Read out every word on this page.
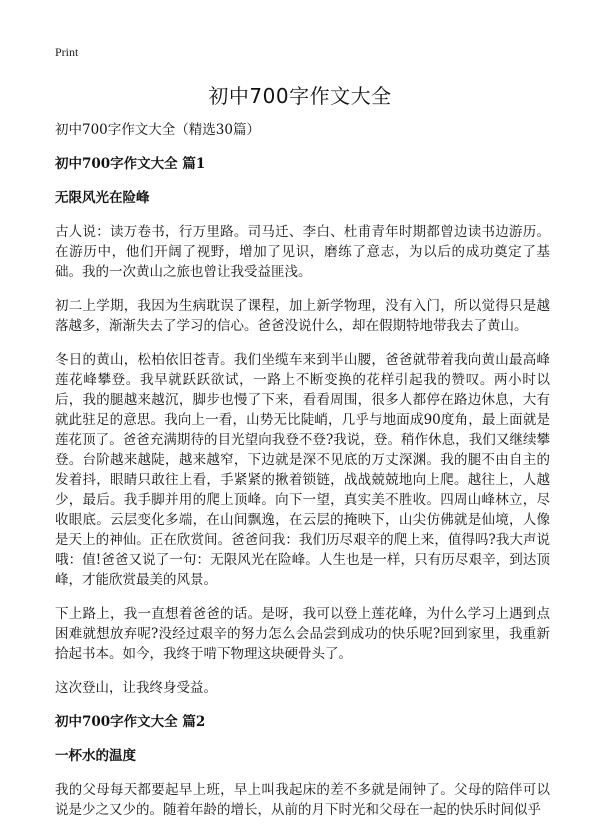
Print
初中700字作文大全

初中700字作文大全（精选30篇）

初中700字作文大全 篇1

无限风光在险峰

古人说：读万卷书，行万里路。司马迁、李白、杜甫青年时期都曾边读书边游历。在游历中，他们开阔了视野，增加了见识，磨练了意志，为以后的成功奠定了基础。我的一次黄山之旅也曾让我受益匪浅。

初二上学期，我因为生病耽误了课程，加上新学物理，没有入门，所以觉得只是越落越多，渐渐失去了学习的信心。爸爸没说什么，却在假期特地带我去了黄山。

冬日的黄山，松柏依旧苍青。我们坐缆车来到半山腰，爸爸就带着我向黄山最高峰莲花峰攀登。我早就跃跃欲试，一路上不断变换的花样引起我的赞叹。两小时以后，我的腿越来越沉，脚步也慢了下来，看看周围，很多人都停在路边休息，大有就此驻足的意思。我向上一看，山势无比陡峭，几乎与地面成90度角，最上面就是莲花顶了。爸爸充满期待的目光望向我登不登?我说，登。稍作休息，我们又继续攀登。台阶越来越陡，越来越窄，下边就是深不见底的万丈深渊。我的腿不由自主的发着抖，眼睛只敢往上看，手紧紧的揪着锁链，战战兢兢地向上爬。越往上，人越少，最后。我手脚并用的爬上顶峰。向下一望，真实美不胜收。四周山峰林立，尽收眼底。云层变化多端，在山间飘逸，在云层的掩映下，山尖仿佛就是仙境，人像是天上的神仙。正在欣赏间。爸爸问我：我们历尽艰辛的爬上来，值得吗?我大声说哦：值!爸爸又说了一句：无限风光在险峰。人生也是一样，只有历尽艰辛，到达顶峰，才能欣赏最美的风景。

下上路上，我一直想着爸爸的话。是呀，我可以登上莲花峰，为什么学习上遇到点困难就想放弃呢?没经过艰辛的努力怎么会品尝到成功的快乐呢?回到家里，我重新拾起书本。如今，我终于啃下物理这块硬骨头了。

这次登山，让我终身受益。

初中700字作文大全 篇2

一杯水的温度

我的父母每天都要起早上班，早上叫我起床的差不多就是闹钟了。父母的陪伴可以说是少之又少的。随着年龄的增长，从前的月下时光和父母在一起的快乐时间似乎
